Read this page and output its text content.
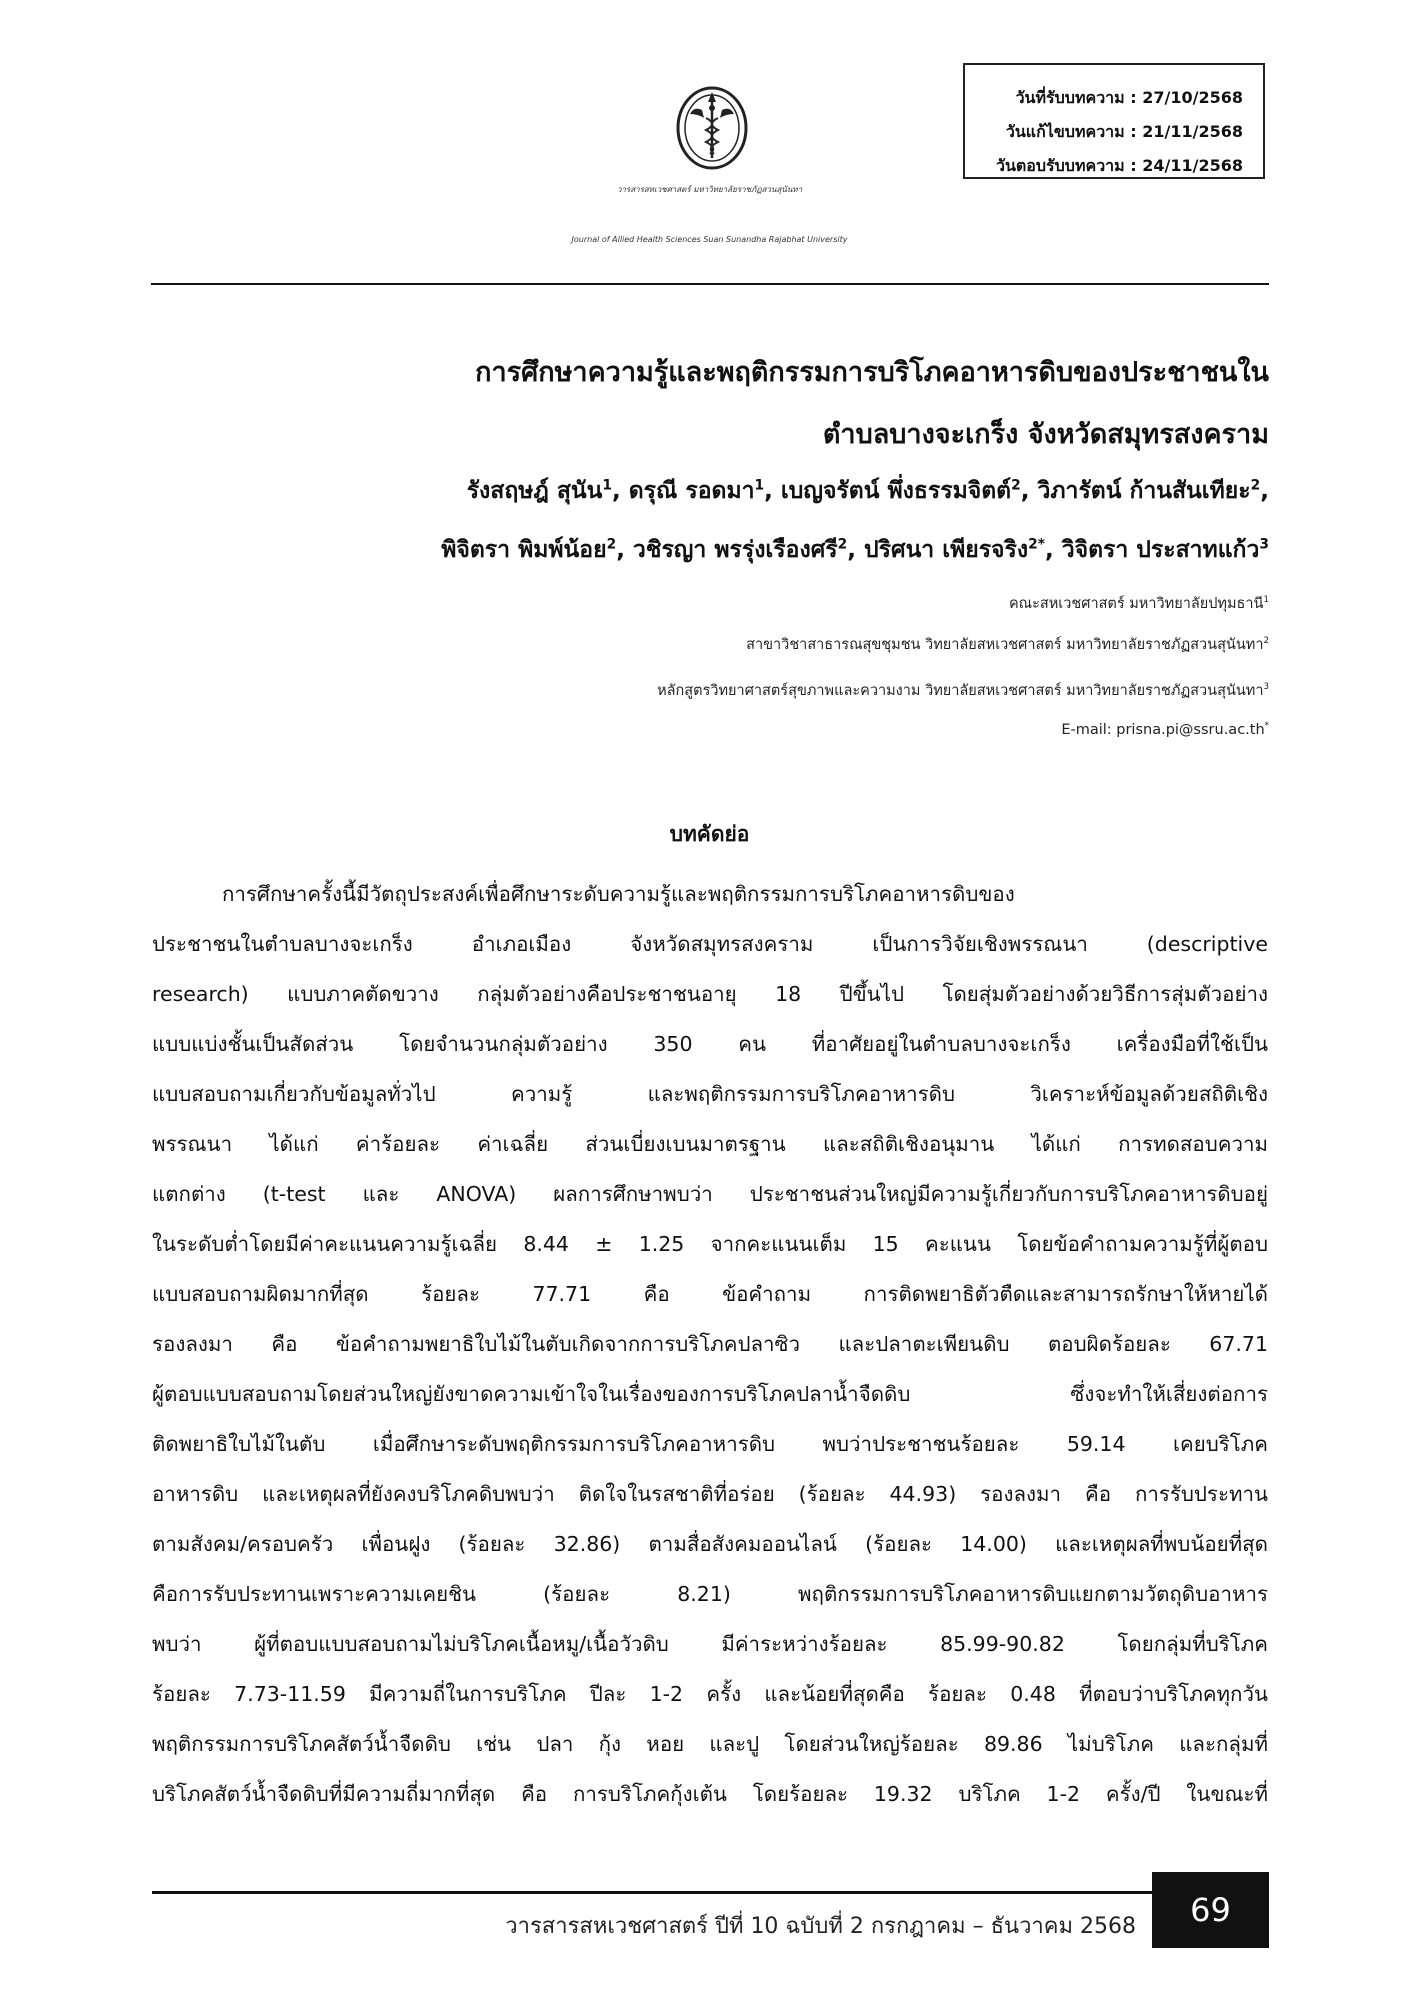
วันที่รับบทความ : 27/10/2568
วันแก้ไขบทความ : 21/11/2568
วันตอบรับบทความ : 24/11/2568
วารสารสหเวชศาสตร์ มหาวิทยาลัยราชภัฏสวนสุนันทา
Journal of Allied Health Sciences Suan Sunandha Rajabhat University
การศึกษาความรู้และพฤติกรรมการบริโภคอาหารดิบของประชาชนใน
ตำบลบางจะเกร็ง จังหวัดสมุทรสงคราม
รังสฤษฎ์ สุนัน$^1$, ดรุณี รอดมา$^1$, เบญจรัตน์ พึ่งธรรมจิตต์$^2$, วิภารัตน์ ก้านสันเทียะ$^2$,
พิจิตรา พิมพ์น้อย$^2$, วชิรญา พรรุ่งเรืองศรี$^2$, ปริศนา เพียรจริง$^{2*}$, วิจิตรา ประสาทแก้ว$^3$
คณะสหเวชศาสตร์ มหาวิทยาลัยปทุมธานี$^1$
สาขาวิชาสาธารณสุขชุมชน วิทยาลัยสหเวชศาสตร์ มหาวิทยาลัยราชภัฏสวนสุนันทา$^2$
หลักสูตรวิทยาศาสตร์สุขภาพและความงาม วิทยาลัยสหเวชศาสตร์ มหาวิทยาลัยราชภัฏสวนสุนันทา$^3$
E-mail: prisna.pi@ssru.ac.th*
บทคัดย่อ
การศึกษาครั้งนี้มีวัตถุประสงค์เพื่อศึกษาระดับความรู้และพฤติกรรมการบริโภคอาหารดิบของ
ประชาชนในตำบลบางจะเกร็ง อำเภอเมือง จังหวัดสมุทรสงคราม เป็นการวิจัยเชิงพรรณนา (descriptive
research) แบบภาคตัดขวาง กลุ่มตัวอย่างคือประชาชนอายุ 18 ปีขึ้นไป โดยสุ่มตัวอย่างด้วยวิธีการสุ่มตัวอย่าง
แบบแบ่งชั้นเป็นสัดส่วน โดยจำนวนกลุ่มตัวอย่าง 350 คน ที่อาศัยอยู่ในตำบลบางจะเกร็ง เครื่องมือที่ใช้เป็น
แบบสอบถามเกี่ยวกับข้อมูลทั่วไป ความรู้ และพฤติกรรมการบริโภคอาหารดิบ วิเคราะห์ข้อมูลด้วยสถิติเชิง
พรรณนา ได้แก่ ค่าร้อยละ ค่าเฉลี่ย ส่วนเบี่ยงเบนมาตรฐาน และสถิติเชิงอนุมาน ได้แก่ การทดสอบความ
แตกต่าง (t-test และ ANOVA) ผลการศึกษาพบว่า ประชาชนส่วนใหญ่มีความรู้เกี่ยวกับการบริโภคอาหารดิบอยู่
ในระดับต่ำโดยมีค่าคะแนนความรู้เฉลี่ย 8.44 ± 1.25 จากคะแนนเต็ม 15 คะแนน โดยข้อคำถามความรู้ที่ผู้ตอบ
แบบสอบถามผิดมากที่สุด ร้อยละ 77.71 คือ ข้อคำถาม การติดพยาธิตัวตืดและสามารถรักษาให้หายได้
รองลงมา คือ ข้อคำถามพยาธิใบไม้ในตับเกิดจากการบริโภคปลาซิว และปลาตะเพียนดิบ ตอบผิดร้อยละ 67.71
ผู้ตอบแบบสอบถามโดยส่วนใหญ่ยังขาดความเข้าใจในเรื่องของการบริโภคปลาน้ำจืดดิบ ซึ่งจะทำให้เสี่ยงต่อการ
ติดพยาธิใบไม้ในตับ เมื่อศึกษาระดับพฤติกรรมการบริโภคอาหารดิบ พบว่าประชาชนร้อยละ 59.14 เคยบริโภค
อาหารดิบ และเหตุผลที่ยังคงบริโภคดิบพบว่า ติดใจในรสชาติที่อร่อย (ร้อยละ 44.93) รองลงมา คือ การรับประทาน
ตามสังคม/ครอบครัว เพื่อนฝูง (ร้อยละ 32.86) ตามสื่อสังคมออนไลน์ (ร้อยละ 14.00) และเหตุผลที่พบน้อยที่สุด
คือการรับประทานเพราะความเคยชิน (ร้อยละ 8.21) พฤติกรรมการบริโภคอาหารดิบแยกตามวัตถุดิบอาหาร
พบว่า ผู้ที่ตอบแบบสอบถามไม่บริโภคเนื้อหมู/เนื้อวัวดิบ มีค่าระหว่างร้อยละ 85.99-90.82 โดยกลุ่มที่บริโภค
ร้อยละ 7.73-11.59 มีความถี่ในการบริโภค ปีละ 1-2 ครั้ง และน้อยที่สุดคือ ร้อยละ 0.48 ที่ตอบว่าบริโภคทุกวัน
พฤติกรรมการบริโภคสัตว์น้ำจืดดิบ เช่น ปลา กุ้ง หอย และปู โดยส่วนใหญ่ร้อยละ 89.86 ไม่บริโภค และกลุ่มที่
บริโภคสัตว์น้ำจืดดิบที่มีความถี่มากที่สุด คือ การบริโภคกุ้งเต้น โดยร้อยละ 19.32 บริโภค 1-2 ครั้ง/ปี ในขณะที่
วารสารสหเวชศาสตร์ ปีที่ 10 ฉบับที่ 2 กรกฎาคม – ธันวาคม 2568 69
